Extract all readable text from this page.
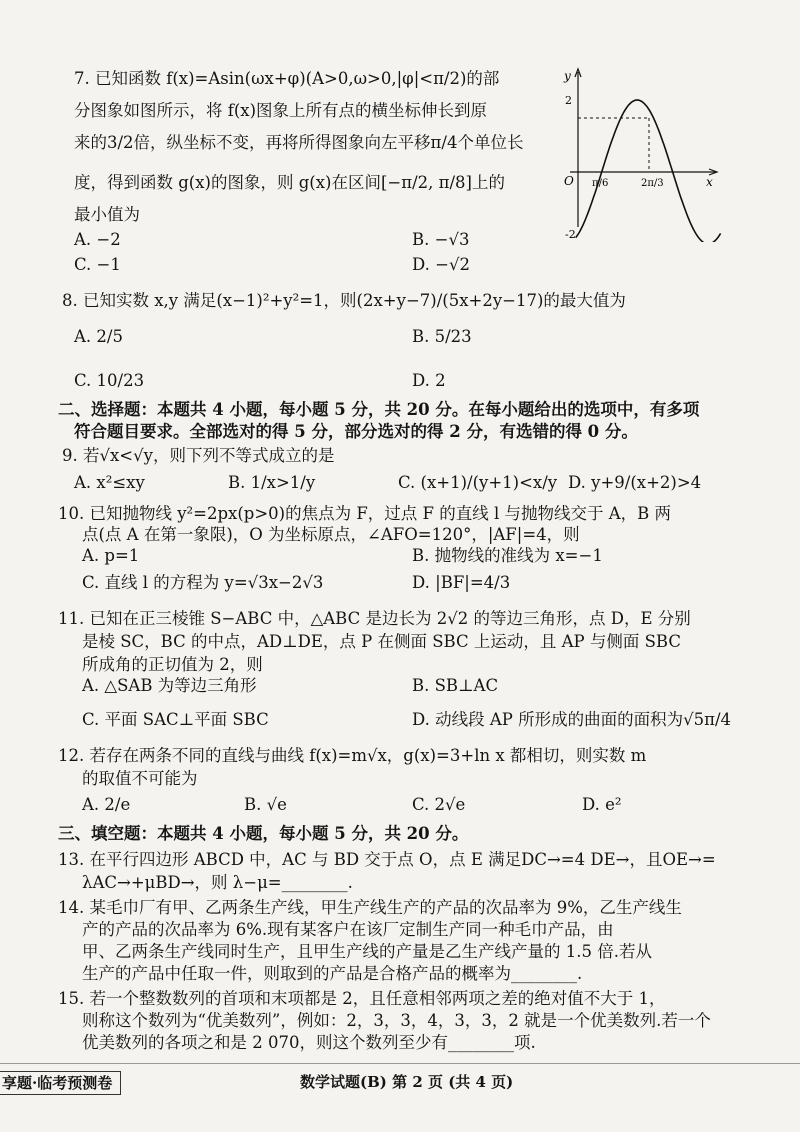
7. 已知函数 f(x)=Asin(ωx+φ)(A>0,ω>0,|φ|<π/2)的部
分图象如图所示，将 f(x)图象上所有点的横坐标伸长到原
来的3/2倍，纵坐标不变，再将所得图象向左平移π/4个单位长
度，得到函数 g(x)的图象，则 g(x)在区间[−π/2, π/8]上的
最小值为
A. −2	B. −√3
C. −1	D. −√2
y
x
O
2
-2
π/6	2π/3
8. 已知实数 x,y 满足(x−1)²+y²=1，则(2x+y−7)/(5x+2y−17)的最大值为
A. 2/5	B. 5/23
C. 10/23	D. 2
二、选择题：本题共 4 小题，每小题 5 分，共 20 分。在每小题给出的选项中，有多项
符合题目要求。全部选对的得 5 分，部分选对的得 2 分，有选错的得 0 分。
9. 若√x<√y，则下列不等式成立的是
A. x²≤xy	B. 1/x>1/y	C. (x+1)/(y+1)<x/y D. y+9/(x+2)>4
10. 已知抛物线 y²=2px(p>0)的焦点为 F，过点 F 的直线 l 与抛物线交于 A，B 两
点(点 A 在第一象限)，O 为坐标原点，∠AFO=120°，|AF|=4，则
A. p=1	B. 抛物线的准线为 x=−1
C. 直线 l 的方程为 y=√3x−2√3	D. |BF|=4/3
11. 已知在正三棱锥 S−ABC 中，△ABC 是边长为 2√2 的等边三角形，点 D，E 分别
是棱 SC，BC 的中点，AD⊥DE，点 P 在侧面 SBC 上运动，且 AP 与侧面 SBC
所成角的正切值为 2，则
A. △SAB 为等边三角形	B. SB⊥AC
C. 平面 SAC⊥平面 SBC	D. 动线段 AP 所形成的曲面的面积为√5π/4
12. 若存在两条不同的直线与曲线 f(x)=m√x，g(x)=3+ln x 都相切，则实数 m
的取值不可能为
A. 2/e	B. √e	C. 2√e	D. e²
三、填空题：本题共 4 小题，每小题 5 分，共 20 分。
13. 在平行四边形 ABCD 中，AC 与 BD 交于点 O，点 E 满足DC→=4 DE→，且OE→=
λAC→+μBD→，则 λ−μ=________.
14. 某毛巾厂有甲、乙两条生产线，甲生产线生产的产品的次品率为 9%，乙生产线生
产的产品的次品率为 6%.现有某客户在该厂定制生产同一种毛巾产品，由
甲、乙两条生产线同时生产，且甲生产线的产量是乙生产线产量的 1.5 倍.若从
生产的产品中任取一件，则取到的产品是合格产品的概率为________.
15. 若一个整数数列的首项和末项都是 2，且任意相邻两项之差的绝对值不大于 1，
则称这个数列为“优美数列”，例如：2，3，3，4，3，3，2 就是一个优美数列.若一个
优美数列的各项之和是 2 070，则这个数列至少有________项.
享题·临考预测卷	数学试题(B) 第 2 页 (共 4 页)
